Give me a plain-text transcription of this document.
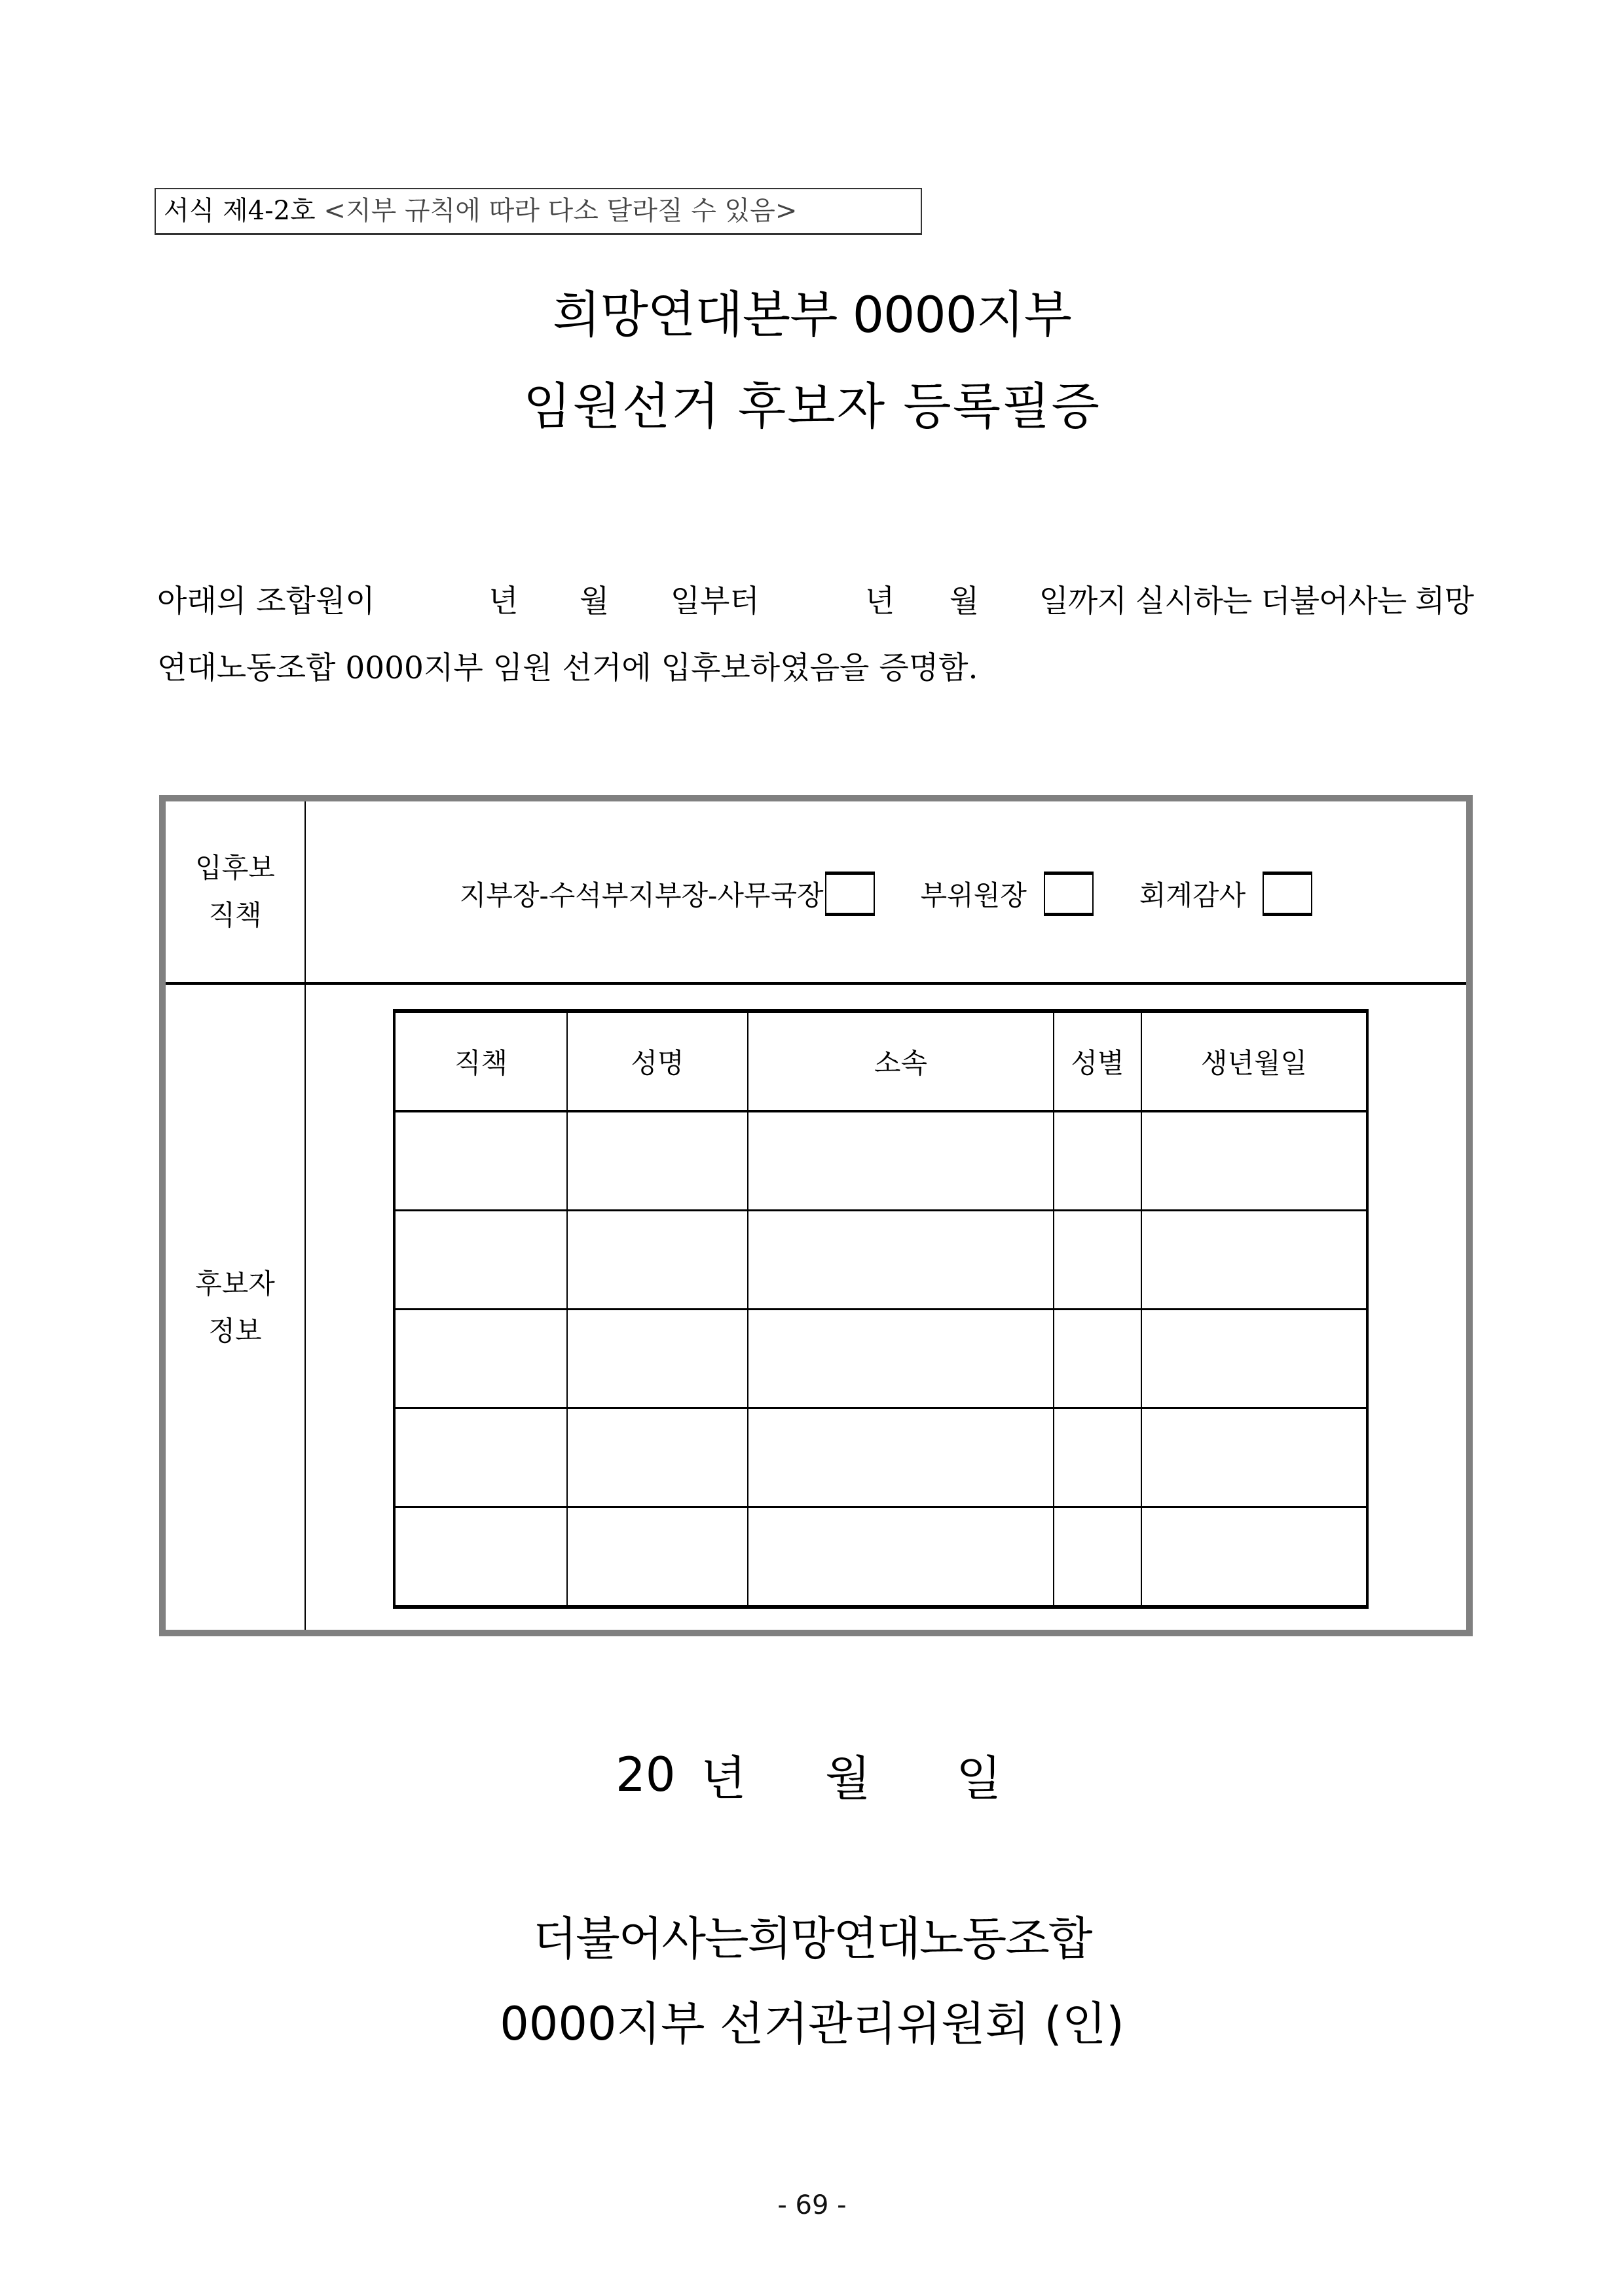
서식 제4-2호 <지부 규칙에 따라 다소 달라질 수 있음>
희망연대본부 0000지부
임원선거 후보자 등록필증
아래의 조합원이	년	월	일부터	년	월	일까지 실시하는 더불어사는 희망
연대노동조합 0000지부 임원 선거에 입후보하였음을 증명함.
입후보
직책
지부장-수석부지부장-사무국장	부위원장	회계감사
후보자
정보
직책	성명	소속	성별	생년월일

20 년 월 일
더불어사는희망연대노동조합
0000지부 선거관리위원회 (인)
- 69 -
